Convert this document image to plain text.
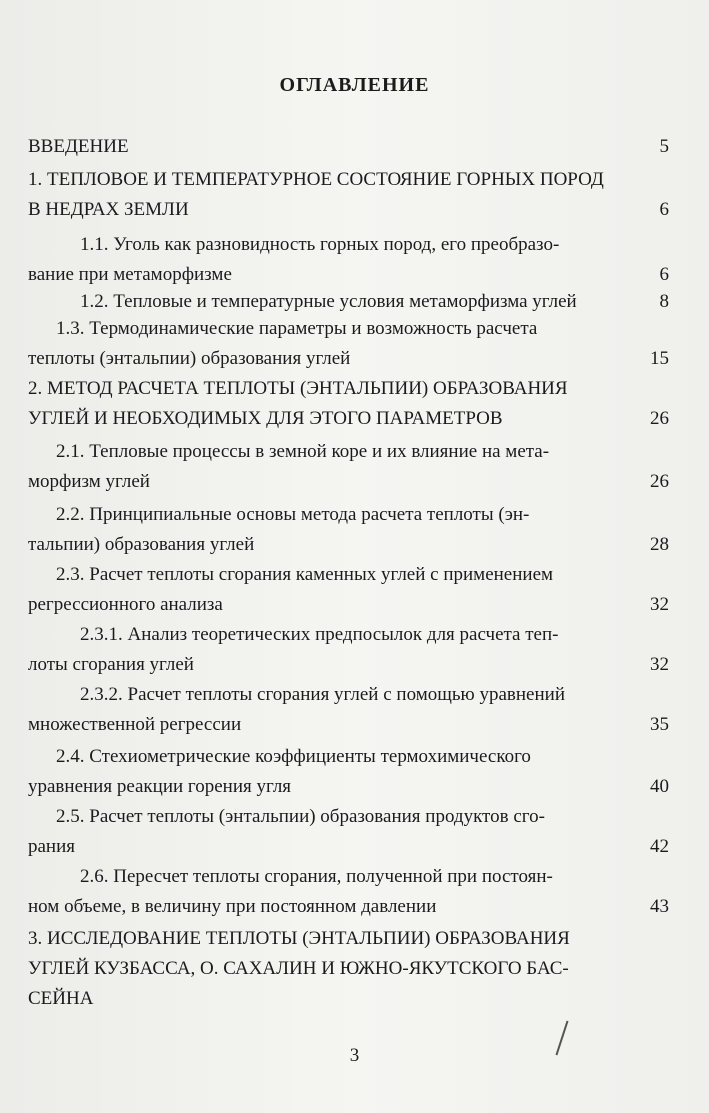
ОГЛАВЛЕНИЕ
ВВЕДЕНИЕ	5
1. ТЕПЛОВОЕ И ТЕМПЕРАТУРНОЕ СОСТОЯНИЕ ГОРНЫХ ПОРОД
В НЕДРАХ ЗЕМЛИ	6
1.1. Уголь как разновидность горных пород, его преобразо-
вание при метаморфизме	6
1.2. Тепловые и температурные условия метаморфизма углей	8
1.3. Термодинамические параметры и возможность расчета
теплоты (энтальпии) образования углей	15
2. МЕТОД РАСЧЕТА ТЕПЛОТЫ (ЭНТАЛЬПИИ) ОБРАЗОВАНИЯ
УГЛЕЙ И НЕОБХОДИМЫХ ДЛЯ ЭТОГО ПАРАМЕТРОВ	26
2.1. Тепловые процессы в земной коре и их влияние на мета-
морфизм углей	26
2.2. Принципиальные основы метода расчета теплоты (эн-
тальпии) образования углей	28
2.3. Расчет теплоты сгорания каменных углей с применением
регрессионного анализа	32
2.3.1. Анализ теоретических предпосылок для расчета теп-
лоты сгорания углей	32
2.3.2. Расчет теплоты сгорания углей с помощью уравнений
множественной регрессии	35
2.4. Стехиометрические коэффициенты термохимического
уравнения реакции горения угля	40
2.5. Расчет теплоты (энтальпии) образования продуктов сго-
рания	42
2.6. Пересчет теплоты сгорания, полученной при постоян-
ном объеме, в величину при постоянном давлении	43
3. ИССЛЕДОВАНИЕ ТЕПЛОТЫ (ЭНТАЛЬПИИ) ОБРАЗОВАНИЯ
УГЛЕЙ КУЗБАССА, О. САХАЛИН И ЮЖНО-ЯКУТСКОГО БАС-
СЕЙНА
3
